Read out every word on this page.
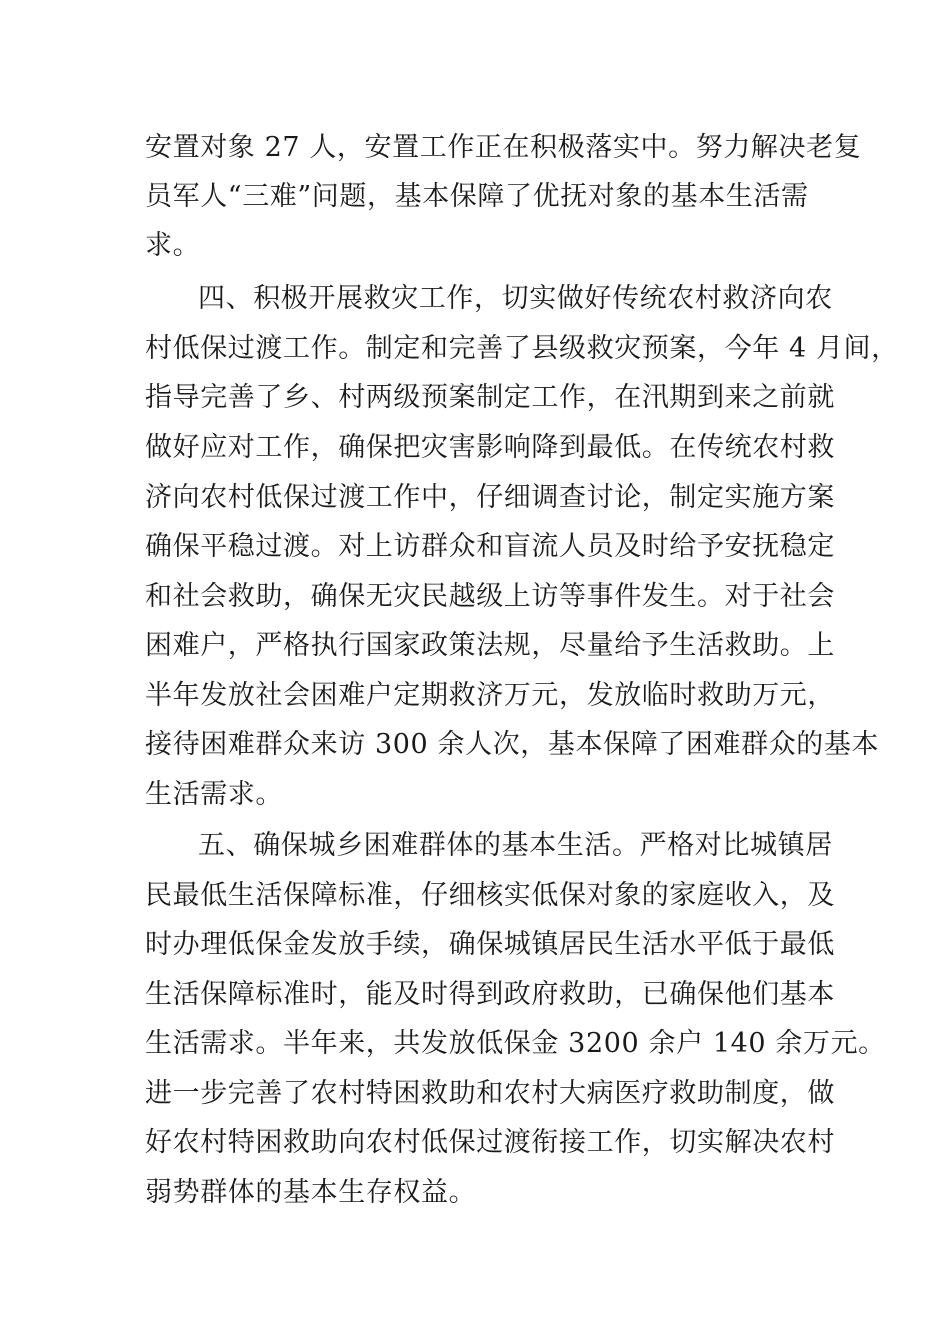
安置对象 27 人，安置工作正在积极落实中。努力解决老复
员军人“三难”问题，基本保障了优抚对象的基本生活需
求。
四、积极开展救灾工作，切实做好传统农村救济向农
村低保过渡工作。制定和完善了县级救灾预案，今年 4 月间，
指导完善了乡、村两级预案制定工作，在汛期到来之前就
做好应对工作，确保把灾害影响降到最低。在传统农村救
济向农村低保过渡工作中，仔细调查讨论，制定实施方案
确保平稳过渡。对上访群众和盲流人员及时给予安抚稳定
和社会救助，确保无灾民越级上访等事件发生。对于社会
困难户，严格执行国家政策法规，尽量给予生活救助。上
半年发放社会困难户定期救济万元，发放临时救助万元，
接待困难群众来访 300 余人次，基本保障了困难群众的基本
生活需求。
五、确保城乡困难群体的基本生活。严格对比城镇居
民最低生活保障标准，仔细核实低保对象的家庭收入，及
时办理低保金发放手续，确保城镇居民生活水平低于最低
生活保障标准时，能及时得到政府救助，已确保他们基本
生活需求。半年来，共发放低保金 3200 余户 140 余万元。
进一步完善了农村特困救助和农村大病医疗救助制度，做
好农村特困救助向农村低保过渡衔接工作，切实解决农村
弱势群体的基本生存权益。
